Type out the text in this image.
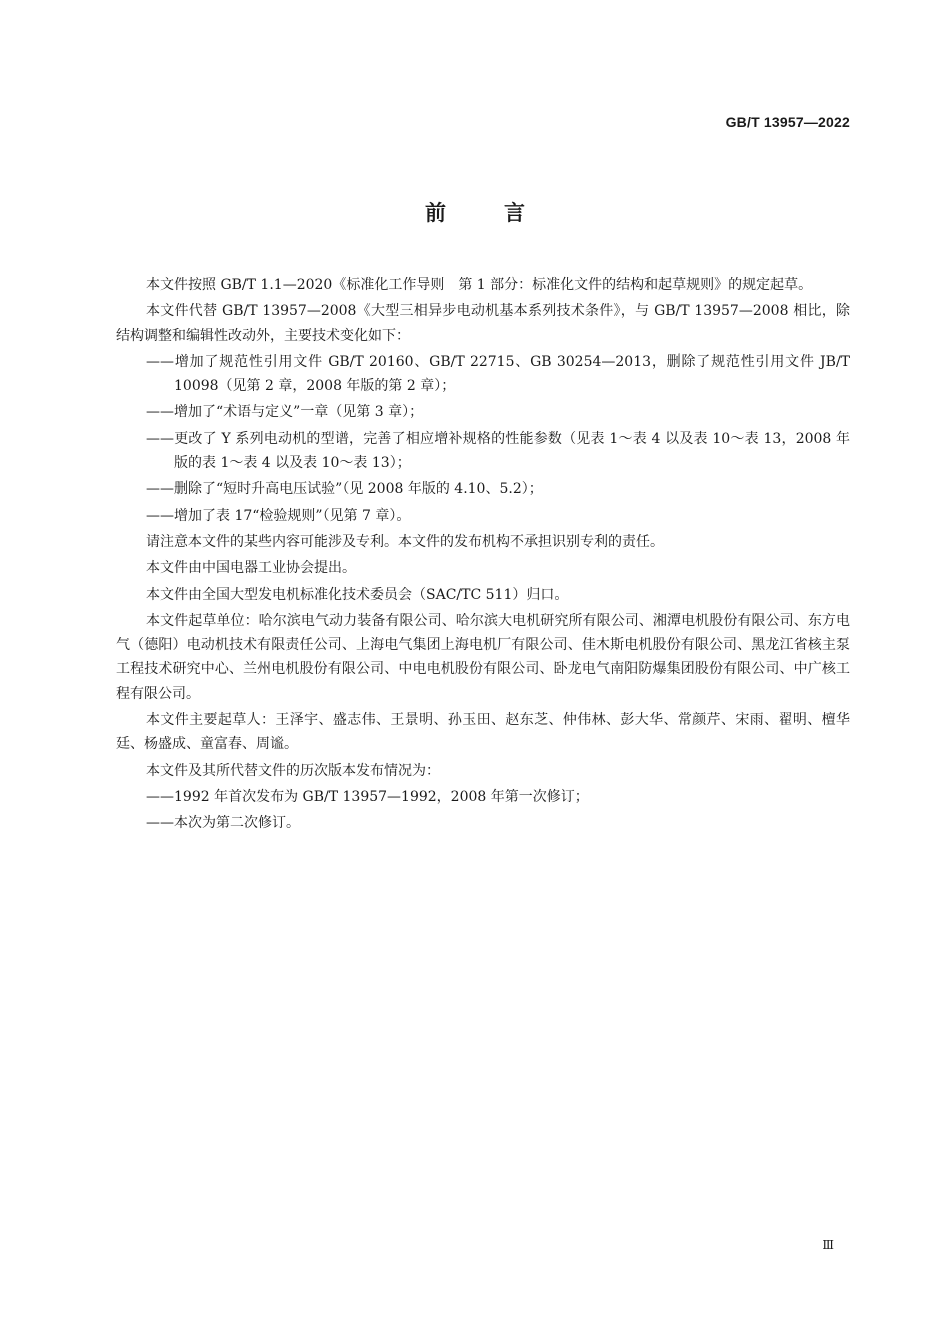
GB/T 13957—2022
前言

本文件按照 GB/T 1.1—2020《标准化工作导则　第 1 部分：标准化文件的结构和起草规则》的规定起草。

本文件代替 GB/T 13957—2008《大型三相异步电动机基本系列技术条件》，与 GB/T 13957—2008 相比，除结构调整和编辑性改动外，主要技术变化如下：

——增加了规范性引用文件 GB/T 20160、GB/T 22715、GB 30254—2013，删除了规范性引用文件 JB/T 10098（见第 2 章，2008 年版的第 2 章）；

——增加了“术语与定义”一章（见第 3 章）；

——更改了 Y 系列电动机的型谱，完善了相应增补规格的性能参数（见表 1～表 4 以及表 10～表 13，2008 年版的表 1～表 4 以及表 10～表 13）；

——删除了“短时升高电压试验”（见 2008 年版的 4.10、5.2）；

——增加了表 17“检验规则”（见第 7 章）。

请注意本文件的某些内容可能涉及专利。本文件的发布机构不承担识别专利的责任。

本文件由中国电器工业协会提出。

本文件由全国大型发电机标准化技术委员会（SAC/TC 511）归口。

本文件起草单位：哈尔滨电气动力装备有限公司、哈尔滨大电机研究所有限公司、湘潭电机股份有限公司、东方电气（德阳）电动机技术有限责任公司、上海电气集团上海电机厂有限公司、佳木斯电机股份有限公司、黑龙江省核主泵工程技术研究中心、兰州电机股份有限公司、中电电机股份有限公司、卧龙电气南阳防爆集团股份有限公司、中广核工程有限公司。

本文件主要起草人：王泽宇、盛志伟、王景明、孙玉田、赵东芝、仲伟林、彭大华、常颜芹、宋雨、翟明、檀华廷、杨盛成、童富春、周谧。

本文件及其所代替文件的历次版本发布情况为：

——1992 年首次发布为 GB/T 13957—1992，2008 年第一次修订；

——本次为第二次修订。

Ⅲ
